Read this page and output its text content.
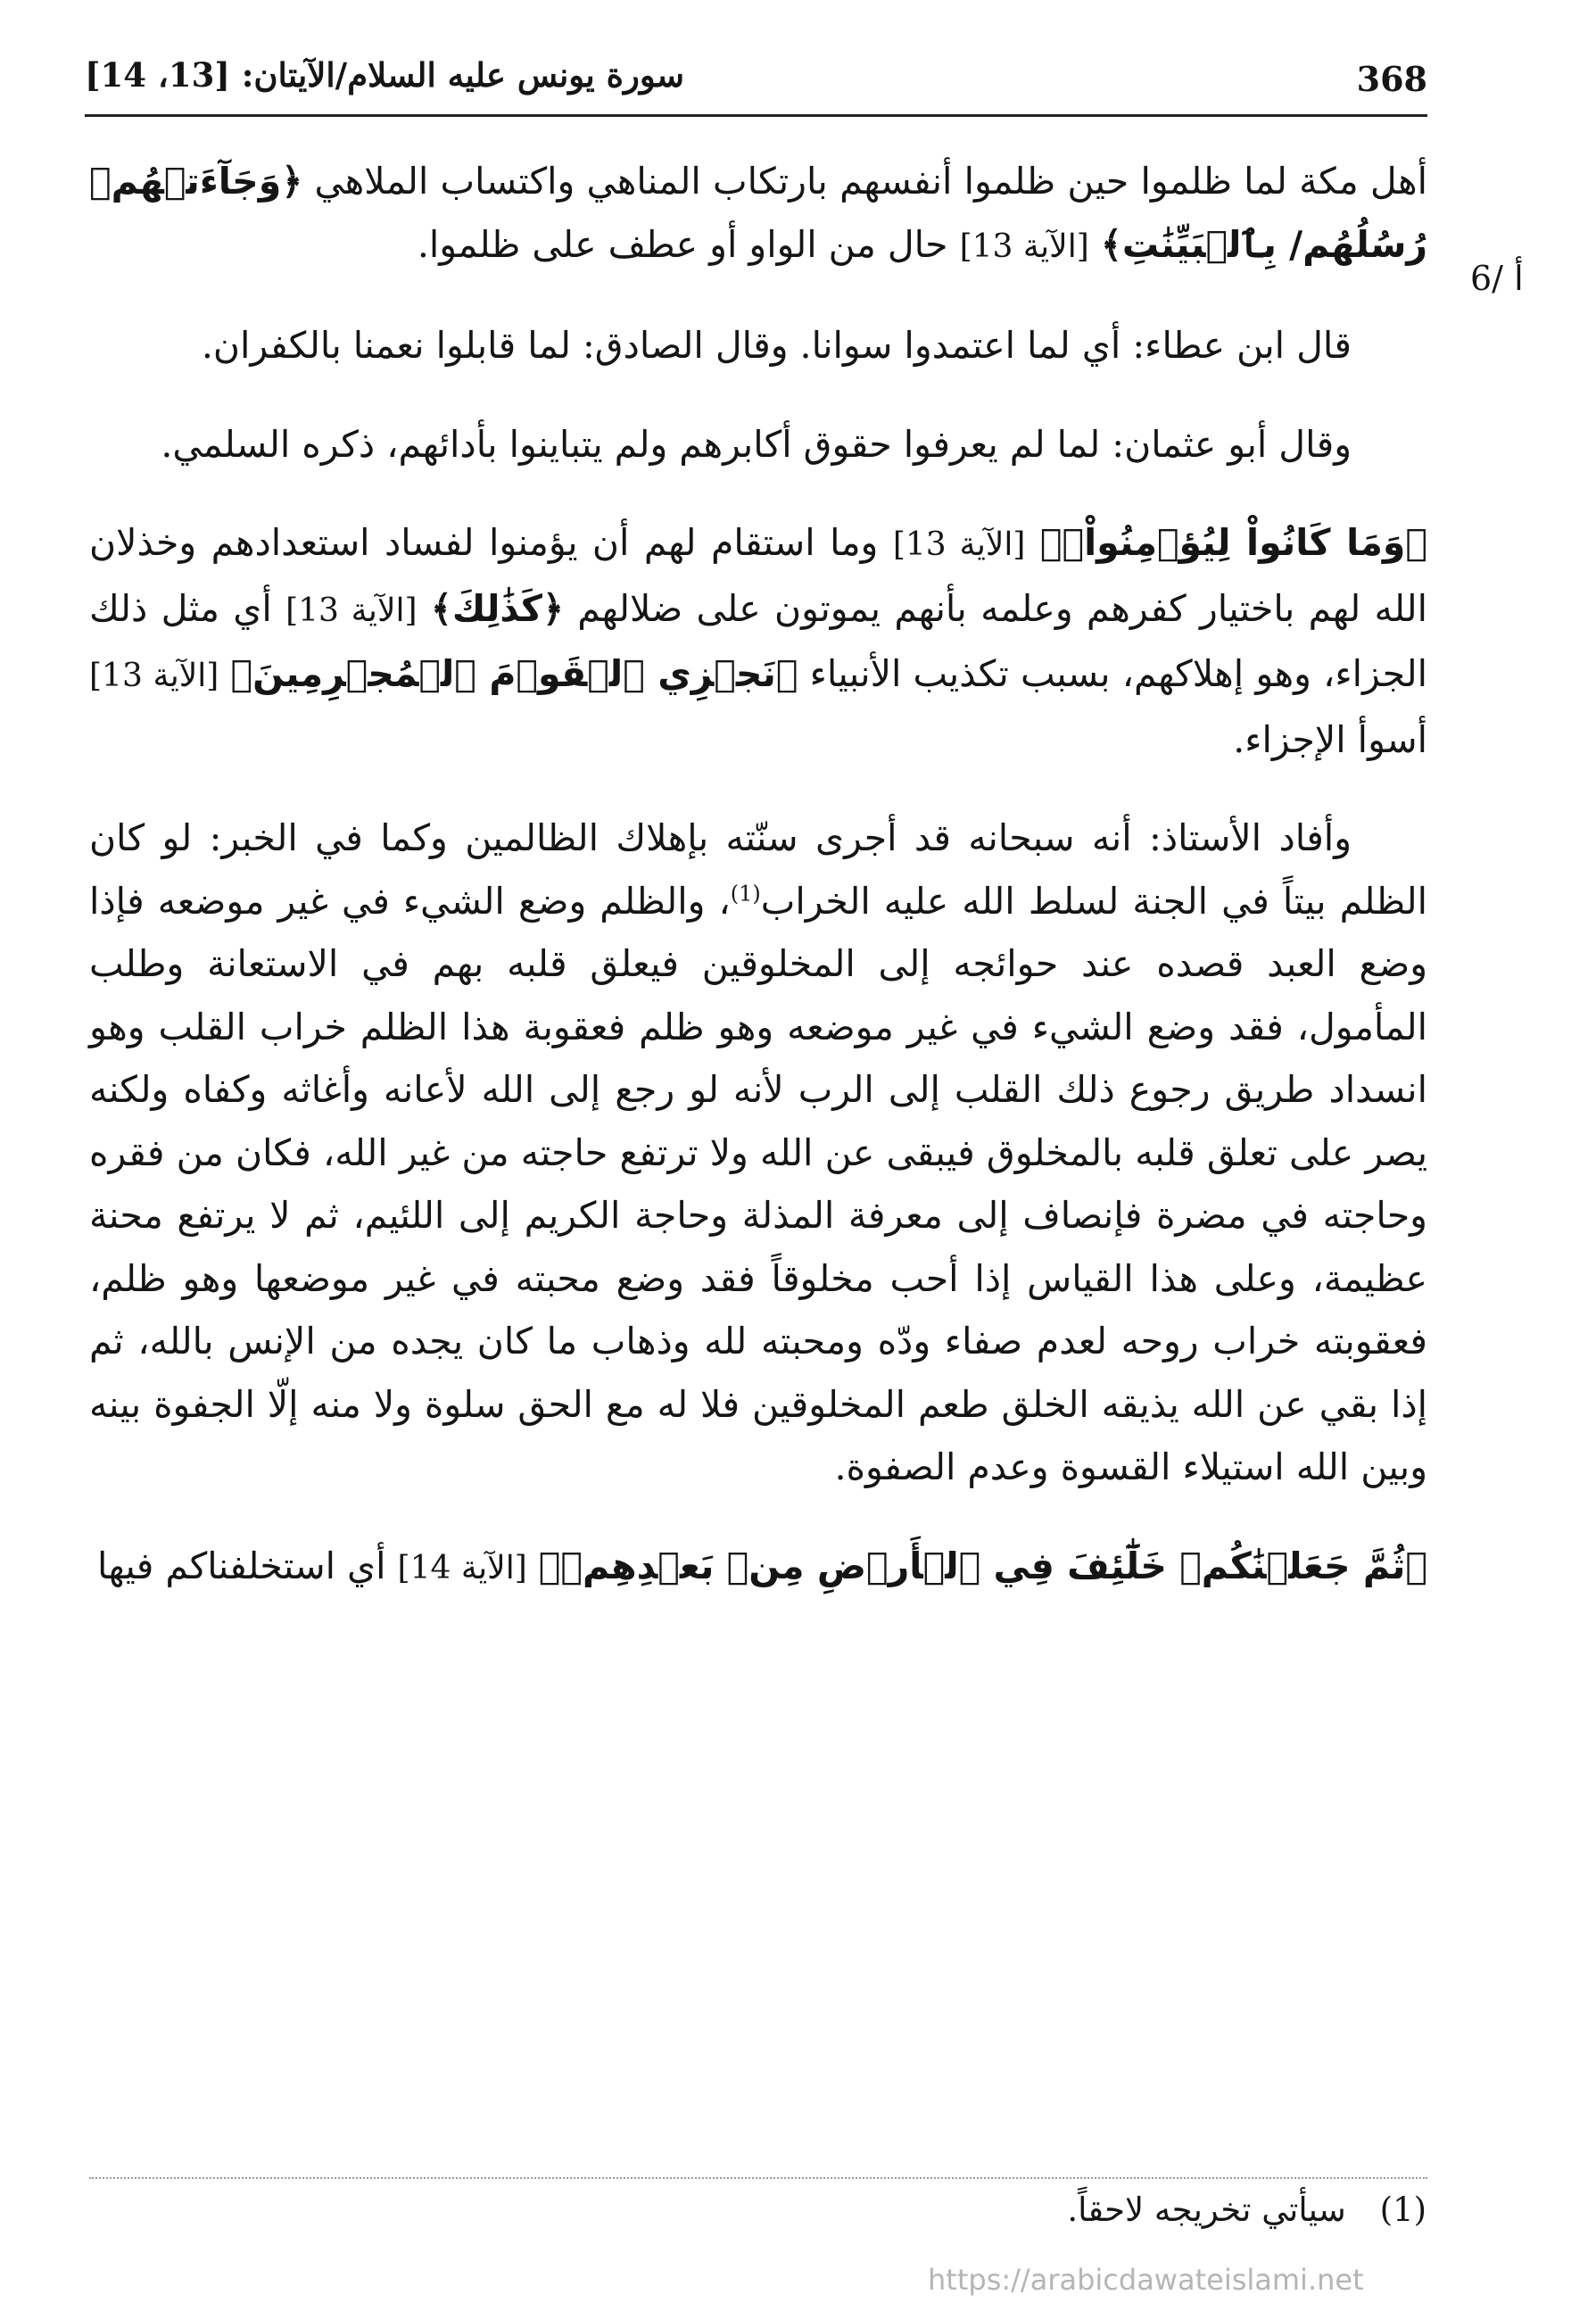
368
سورة يونس عليه السلام/الآيتان: [13، 14]
6/ أ

أهل مكة لما ظلموا حين ظلموا أنفسهم بارتكاب المناهي واكتساب الملاهي ﴿وَجَآءَتۡهُمۡ رُسُلُهُم/ بِٱلۡبَيِّنَٰتِ﴾ [الآية 13] حال من الواو أو عطف على ظلموا.

قال ابن عطاء: أي لما اعتمدوا سوانا. وقال الصادق: لما قابلوا نعمنا بالكفران.

وقال أبو عثمان: لما لم يعرفوا حقوق أكابرهم ولم يتباينوا بأدائهم، ذكره السلمي.

﴿وَمَا كَانُواْ لِيُؤۡمِنُواْۚ﴾ [الآية 13] وما استقام لهم أن يؤمنوا لفساد استعدادهم وخذلان الله لهم باختيار كفرهم وعلمه بأنهم يموتون على ضلالهم ﴿كَذَٰلِكَ﴾ [الآية 13] أي مثل ذلك الجزاء، وهو إهلاكهم، بسبب تكذيب الأنبياء ﴿نَجۡزِي ٱلۡقَوۡمَ ٱلۡمُجۡرِمِينَ﴾ [الآية 13] أسوأ الإجزاء.

وأفاد الأستاذ: أنه سبحانه قد أجرى سنّته بإهلاك الظالمين وكما في الخبر: لو كان الظلم بيتاً في الجنة لسلط الله عليه الخراب$^{(1)}$، والظلم وضع الشيء في غير موضعه فإذا وضع العبد قصده عند حوائجه إلى المخلوقين فيعلق قلبه بهم في الاستعانة وطلب المأمول، فقد وضع الشيء في غير موضعه وهو ظلم فعقوبة هذا الظلم خراب القلب وهو انسداد طريق رجوع ذلك القلب إلى الرب لأنه لو رجع إلى الله لأعانه وأغاثه وكفاه ولكنه يصر على تعلق قلبه بالمخلوق فيبقى عن الله ولا ترتفع حاجته من غير الله، فكان من فقره وحاجته في مضرة فإنصاف إلى معرفة المذلة وحاجة الكريم إلى اللئيم، ثم لا يرتفع محنة عظيمة، وعلى هذا القياس إذا أحب مخلوقاً فقد وضع محبته في غير موضعها وهو ظلم، فعقوبته خراب روحه لعدم صفاء ودّه ومحبته لله وذهاب ما كان يجده من الإنس بالله، ثم إذا بقي عن الله يذيقه الخلق طعم المخلوقين فلا له مع الحق سلوة ولا منه إلّا الجفوة بينه وبين الله استيلاء القسوة وعدم الصفوة.

﴿ثُمَّ جَعَلۡنَٰكُمۡ خَلَٰٓئِفَ فِي ٱلۡأَرۡضِ مِنۢ بَعۡدِهِمۡ﴾ [الآية 14] أي استخلفناكم فيها

(1) سيأتي تخريجه لاحقاً.
https://arabicdawateislami.net
